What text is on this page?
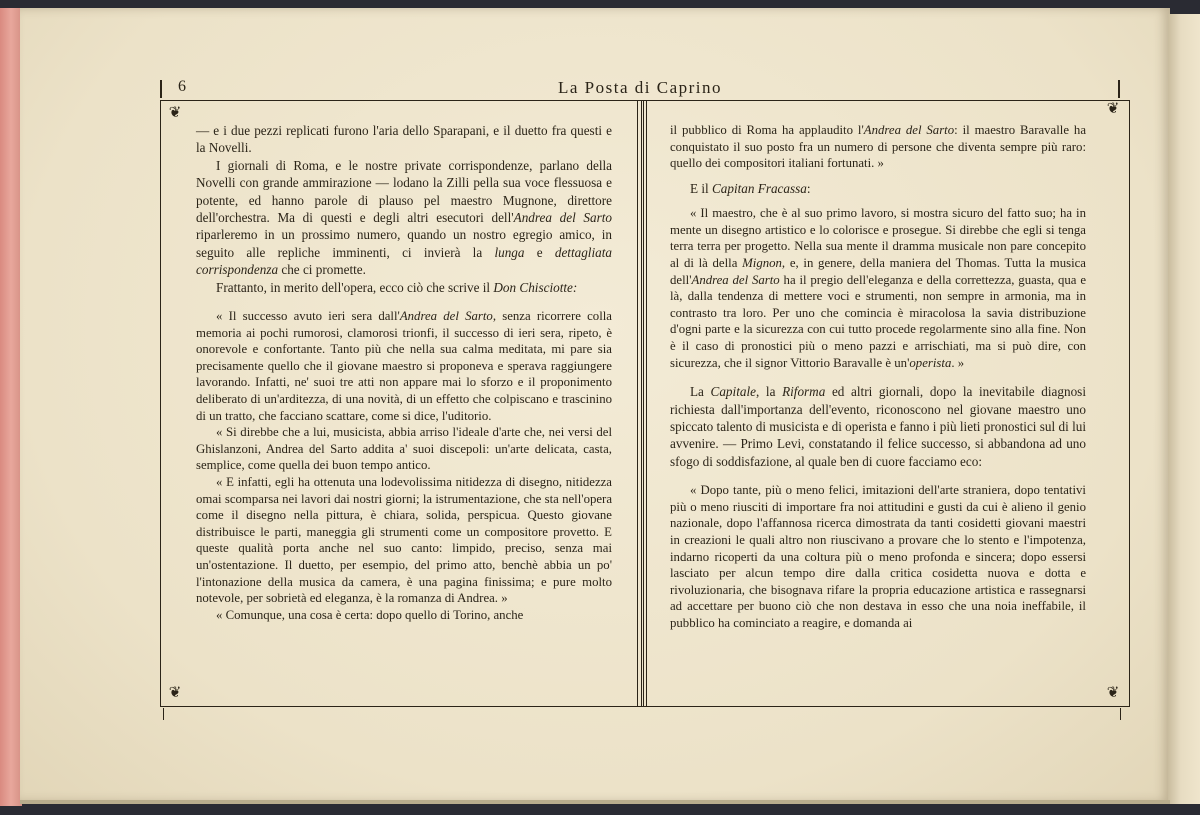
6	La Posta di Caprino
❦
❦
❦
❦

— e i due pezzi replicati furono l'aria dello Sparapani, e il duetto fra questi e la Novelli.

I giornali di Roma, e le nostre private corrispondenze, parlano della Novelli con grande ammirazione — lodano la Zilli pella sua voce flessuosa e potente, ed hanno parole di plauso pel maestro Mugnone, direttore dell'orchestra. Ma di questi e degli altri esecutori dell'Andrea del Sarto riparleremo in un prossimo numero, quando un nostro egregio amico, in seguito alle repliche imminenti, ci invierà la lunga e dettagliata corrispondenza che ci promette.

Frattanto, in merito dell'opera, ecco ciò che scrive il Don Chisciotte:

« Il successo avuto ieri sera dall'Andrea del Sarto, senza ricorrere colla memoria ai pochi rumorosi, clamorosi trionfi, il successo di ieri sera, ripeto, è onorevole e confortante. Tanto più che nella sua calma meditata, mi pare sia precisamente quello che il giovane maestro si proponeva e sperava raggiungere lavorando. Infatti, ne' suoi tre atti non appare mai lo sforzo e il proponimento deliberato di un'arditezza, di una novità, di un effetto che colpiscano e trascinino di un tratto, che facciano scattare, come si dice, l'uditorio.

« Si direbbe che a lui, musicista, abbia arriso l'ideale d'arte che, nei versi del Ghislanzoni, Andrea del Sarto addita a' suoi discepoli: un'arte delicata, casta, semplice, come quella dei buon tempo antico.

« E infatti, egli ha ottenuta una lodevolissima nitidezza di disegno, nitidezza omai scomparsa nei lavori dai nostri giorni; la istrumentazione, che sta nell'opera come il disegno nella pittura, è chiara, solida, perspicua. Questo giovane distribuisce le parti, maneggia gli strumenti come un compositore provetto. E queste qualità porta anche nel suo canto: limpido, preciso, senza mai un'ostentazione. Il duetto, per esempio, del primo atto, benchè abbia un po' l'intonazione della musica da camera, è una pagina finissima; e pure molto notevole, per sobrietà ed eleganza, è la romanza di Andrea. »

« Comunque, una cosa è certa: dopo quello di Torino, anche

il pubblico di Roma ha applaudito l'Andrea del Sarto: il maestro Baravalle ha conquistato il suo posto fra un numero di persone che diventa sempre più raro: quello dei compositori italiani fortunati. »

E il Capitan Fracassa:

« Il maestro, che è al suo primo lavoro, si mostra sicuro del fatto suo; ha in mente un disegno artistico e lo colorisce e prosegue. Si direbbe che egli si tenga terra terra per progetto. Nella sua mente il dramma musicale non pare concepito al di là della Mignon, e, in genere, della maniera del Thomas. Tutta la musica dell'Andrea del Sarto ha il pregio dell'eleganza e della correttezza, guasta, qua e là, dalla tendenza di mettere voci e strumenti, non sempre in armonia, ma in contrasto tra loro. Per uno che comincia è miracolosa la savia distribuzione d'ogni parte e la sicurezza con cui tutto procede regolarmente sino alla fine. Non è il caso di pronostici più o meno pazzi e arrischiati, ma si può dire, con sicurezza, che il signor Vittorio Baravalle è un'operista. »

La Capitale, la Riforma ed altri giornali, dopo la inevitabile diagnosi richiesta dall'importanza dell'evento, riconoscono nel giovane maestro uno spiccato talento di musicista e di operista e fanno i più lieti pronostici sul di lui avvenire. — Primo Levi, constatando il felice successo, si abbandona ad uno sfogo di soddisfazione, al quale ben di cuore facciamo eco:

« Dopo tante, più o meno felici, imitazioni dell'arte straniera, dopo tentativi più o meno riusciti di importare fra noi attitudini e gusti da cui è alieno il genio nazionale, dopo l'affannosa ricerca dimostrata da tanti cosidetti giovani maestri in creazioni le quali altro non riuscivano a provare che lo stento e l'impotenza, indarno ricoperti da una coltura più o meno profonda e sincera; dopo essersi lasciato per alcun tempo dire dalla critica cosidetta nuova e dotta e rivoluzionaria, che bisognava rifare la propria educazione artistica e rassegnarsi ad accettare per buono ciò che non destava in esso che una noia ineffabile, il pubblico ha cominciato a reagire, e domanda ai
